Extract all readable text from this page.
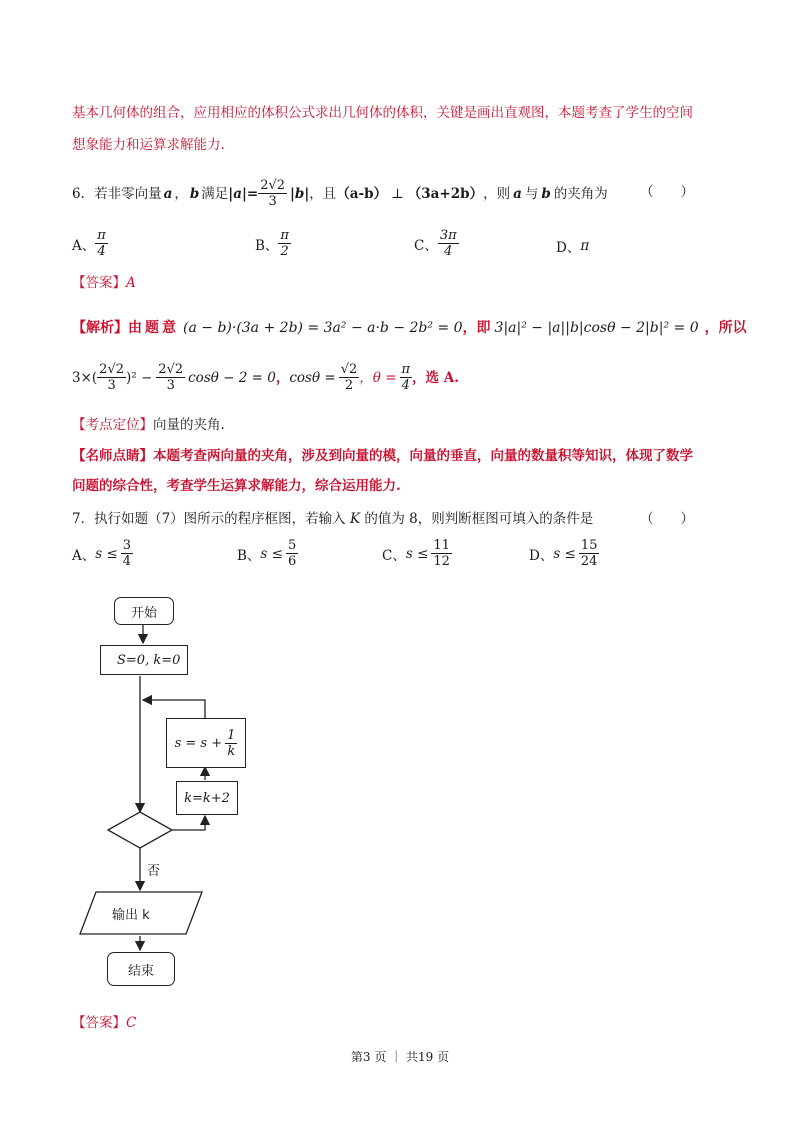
基本几何体的组合，应用相应的体积公式求出几何体的体积，关键是画出直观图，本题考查了学生的空间
想象能力和运算求解能力.
6． 若非零向量 a ， b 满足 $|a|= \frac{2√2}{3} |b|$ ，且 （a-b） ⊥ （3a+2b） ，则 a 与 b 的夹角为 （　　）
A、 $\frac{\pi}{4}$	B、 $\frac{\pi}{2}$	C、 $\frac{3\pi}{4}$	D、 π
【答案】A
【解析】 由题意 (a − b)·(3a + 2b) = 3a² − a·b − 2b² = 0 ，即 3|a|² − |a||b|cosθ − 2|b|² = 0 ，所以
$3\times( \frac{2√2}{3} )^2 - \frac{2√2}{3}$ cosθ − 2 = 0 ， $\cos\theta = \frac{√2}{2}$ ，$\theta = \frac{\pi}{4}$ ，选 A.
【考点定位】向量的夹角.
【名师点睛】本题考查两向量的夹角，涉及到向量的模，向量的垂直，向量的数量积等知识，体现了数学
问题的综合性，考查学生运算求解能力，综合运用能力.
7．执行如题（7）图所示的程序框图，若输入 K 的值为 8，则判断框图可填入的条件是	（　　）
A、 $s \le \frac{3}{4}$	B、 $s \le \frac{5}{6}$	C、 $s \le \frac{11}{12}$	D、 $s \le \frac{15}{24}$
开始
S=0, k=0
$s = s + \frac{1}{k}$
k=k+2
否
输出 k
结束
【答案】C
第3 页 ｜ 共19 页
